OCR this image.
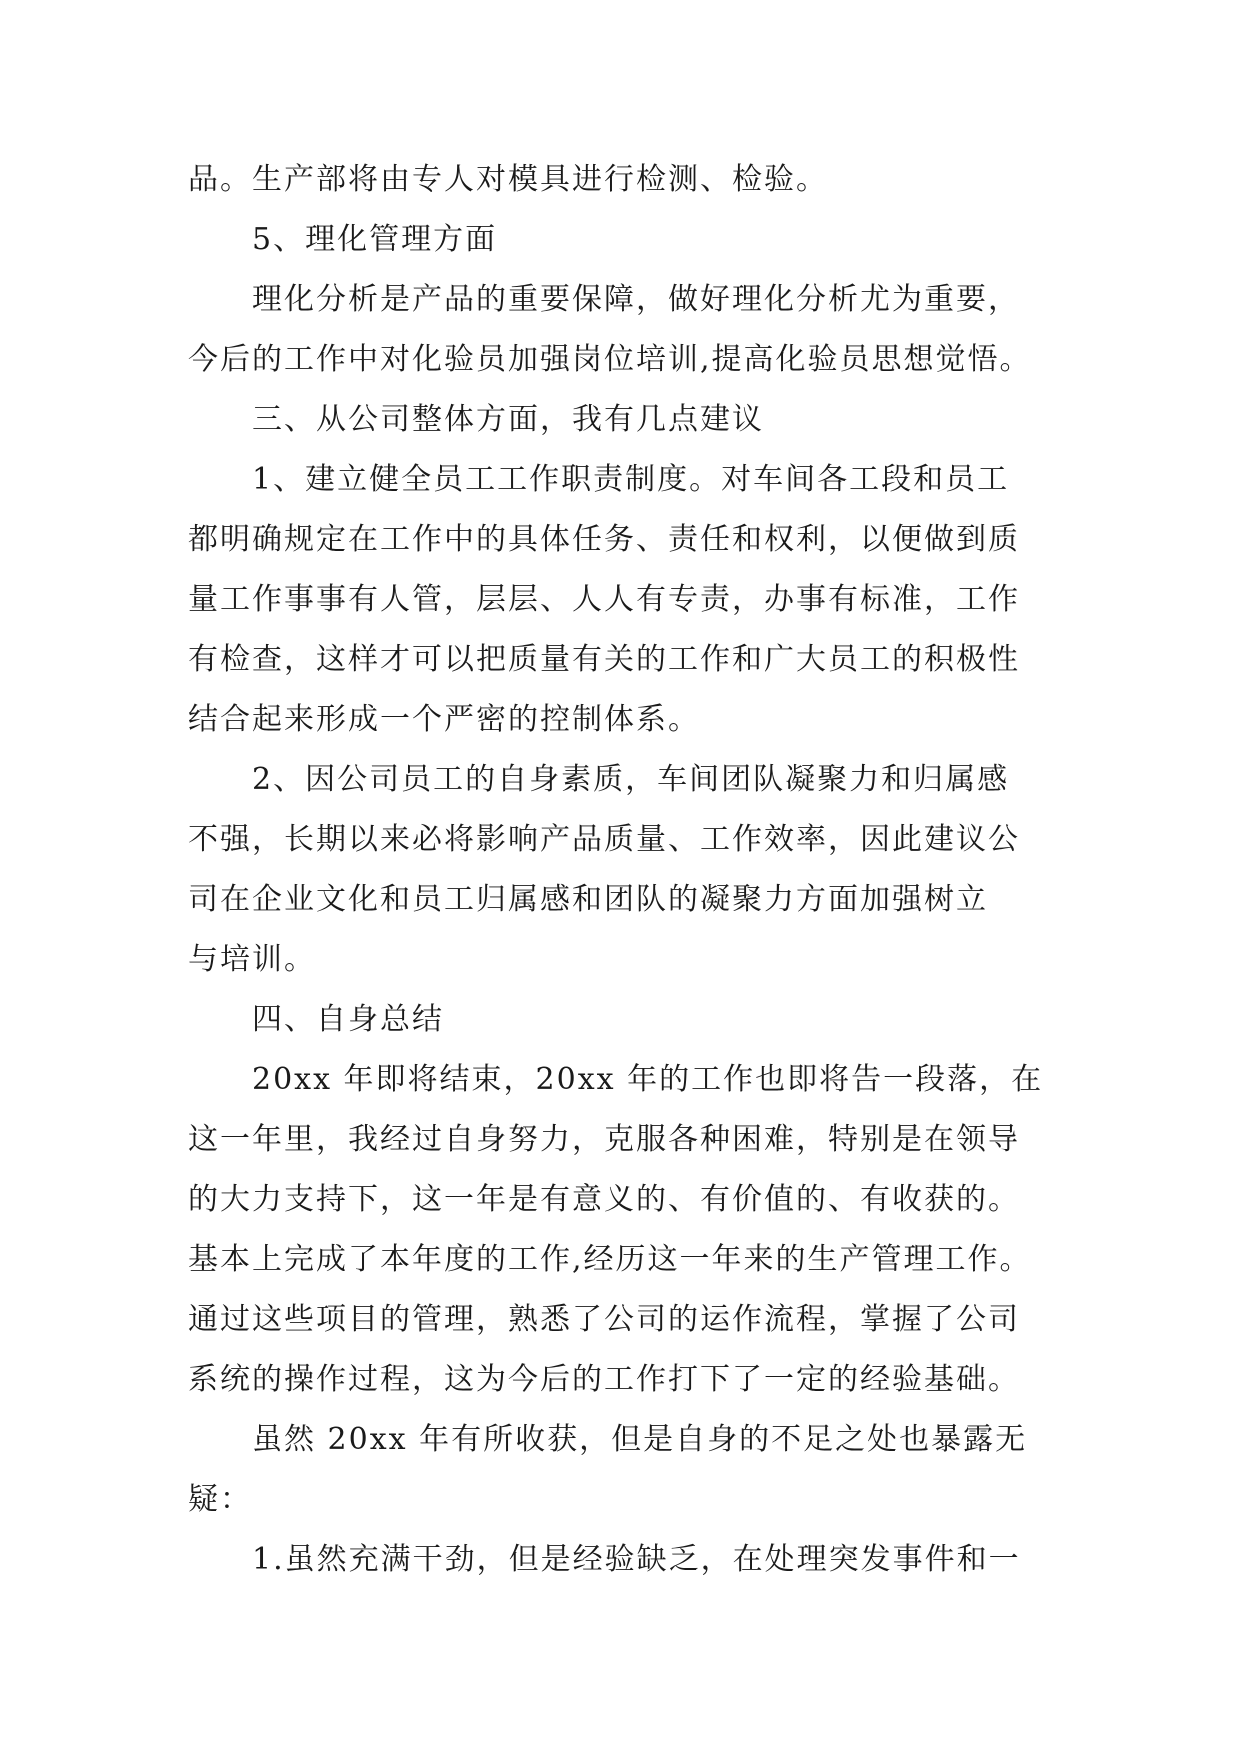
品。生产部将由专人对模具进行检测、检验。
5、理化管理方面
理化分析是产品的重要保障，做好理化分析尤为重要，
今后的工作中对化验员加强岗位培训,提高化验员思想觉悟。
三、从公司整体方面，我有几点建议
1、建立健全员工工作职责制度。对车间各工段和员工
都明确规定在工作中的具体任务、责任和权利，以便做到质
量工作事事有人管，层层、人人有专责，办事有标准，工作
有检查，这样才可以把质量有关的工作和广大员工的积极性
结合起来形成一个严密的控制体系。
2、因公司员工的自身素质，车间团队凝聚力和归属感
不强，长期以来必将影响产品质量、工作效率，因此建议公
司在企业文化和员工归属感和团队的凝聚力方面加强树立
与培训。
四、自身总结
20xx 年即将结束，20xx 年的工作也即将告一段落，在
这一年里，我经过自身努力，克服各种困难，特别是在领导
的大力支持下，这一年是有意义的、有价值的、有收获的。
基本上完成了本年度的工作,经历这一年来的生产管理工作。
通过这些项目的管理，熟悉了公司的运作流程，掌握了公司
系统的操作过程，这为今后的工作打下了一定的经验基础。
虽然 20xx 年有所收获，但是自身的不足之处也暴露无
疑：
1.虽然充满干劲，但是经验缺乏，在处理突发事件和一
